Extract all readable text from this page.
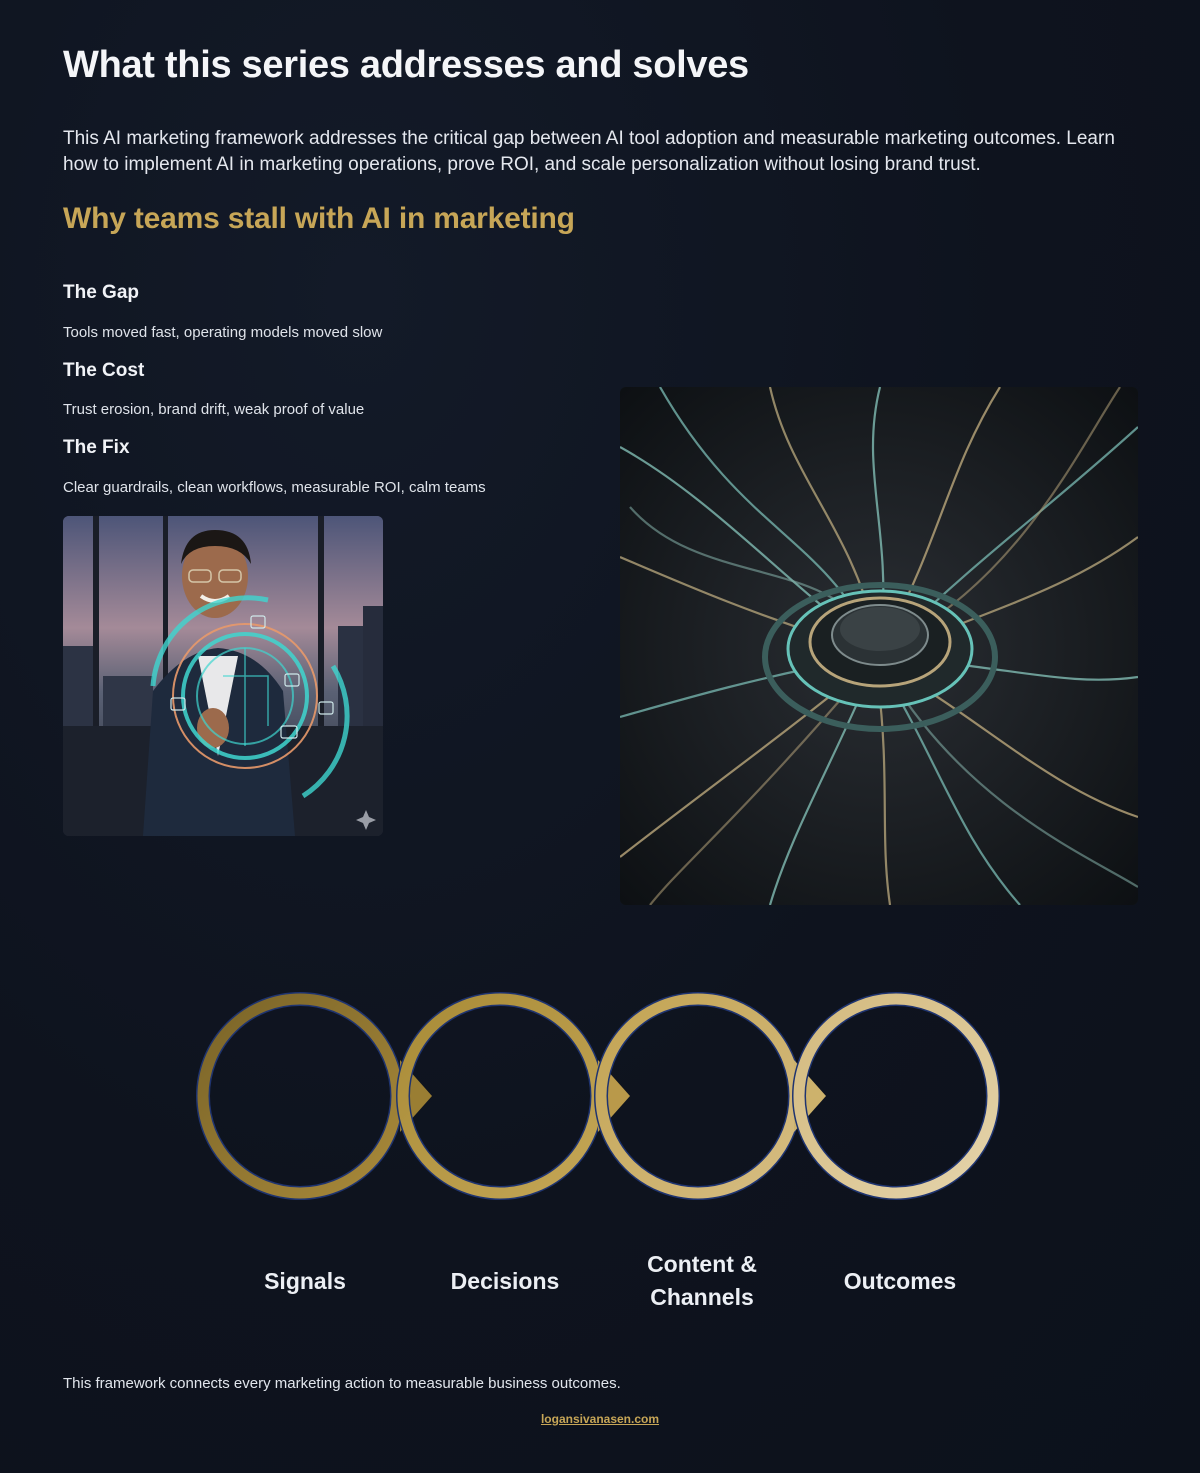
What this series addresses and solves

This AI marketing framework addresses the critical gap between AI tool adoption and measurable marketing outcomes. Learn how to implement AI in marketing operations, prove ROI, and scale personalization without losing brand trust.

Why teams stall with AI in marketing
The Gap
Tools moved fast, operating models moved slow
The Cost
Trust erosion, brand drift, weak proof of value
The Fix
Clear guardrails, clean workflows, measurable ROI, calm teams
Signals	Decisions
Content & Channels
Outcomes

This framework connects every marketing action to measurable business outcomes.

logansivanasen.com
